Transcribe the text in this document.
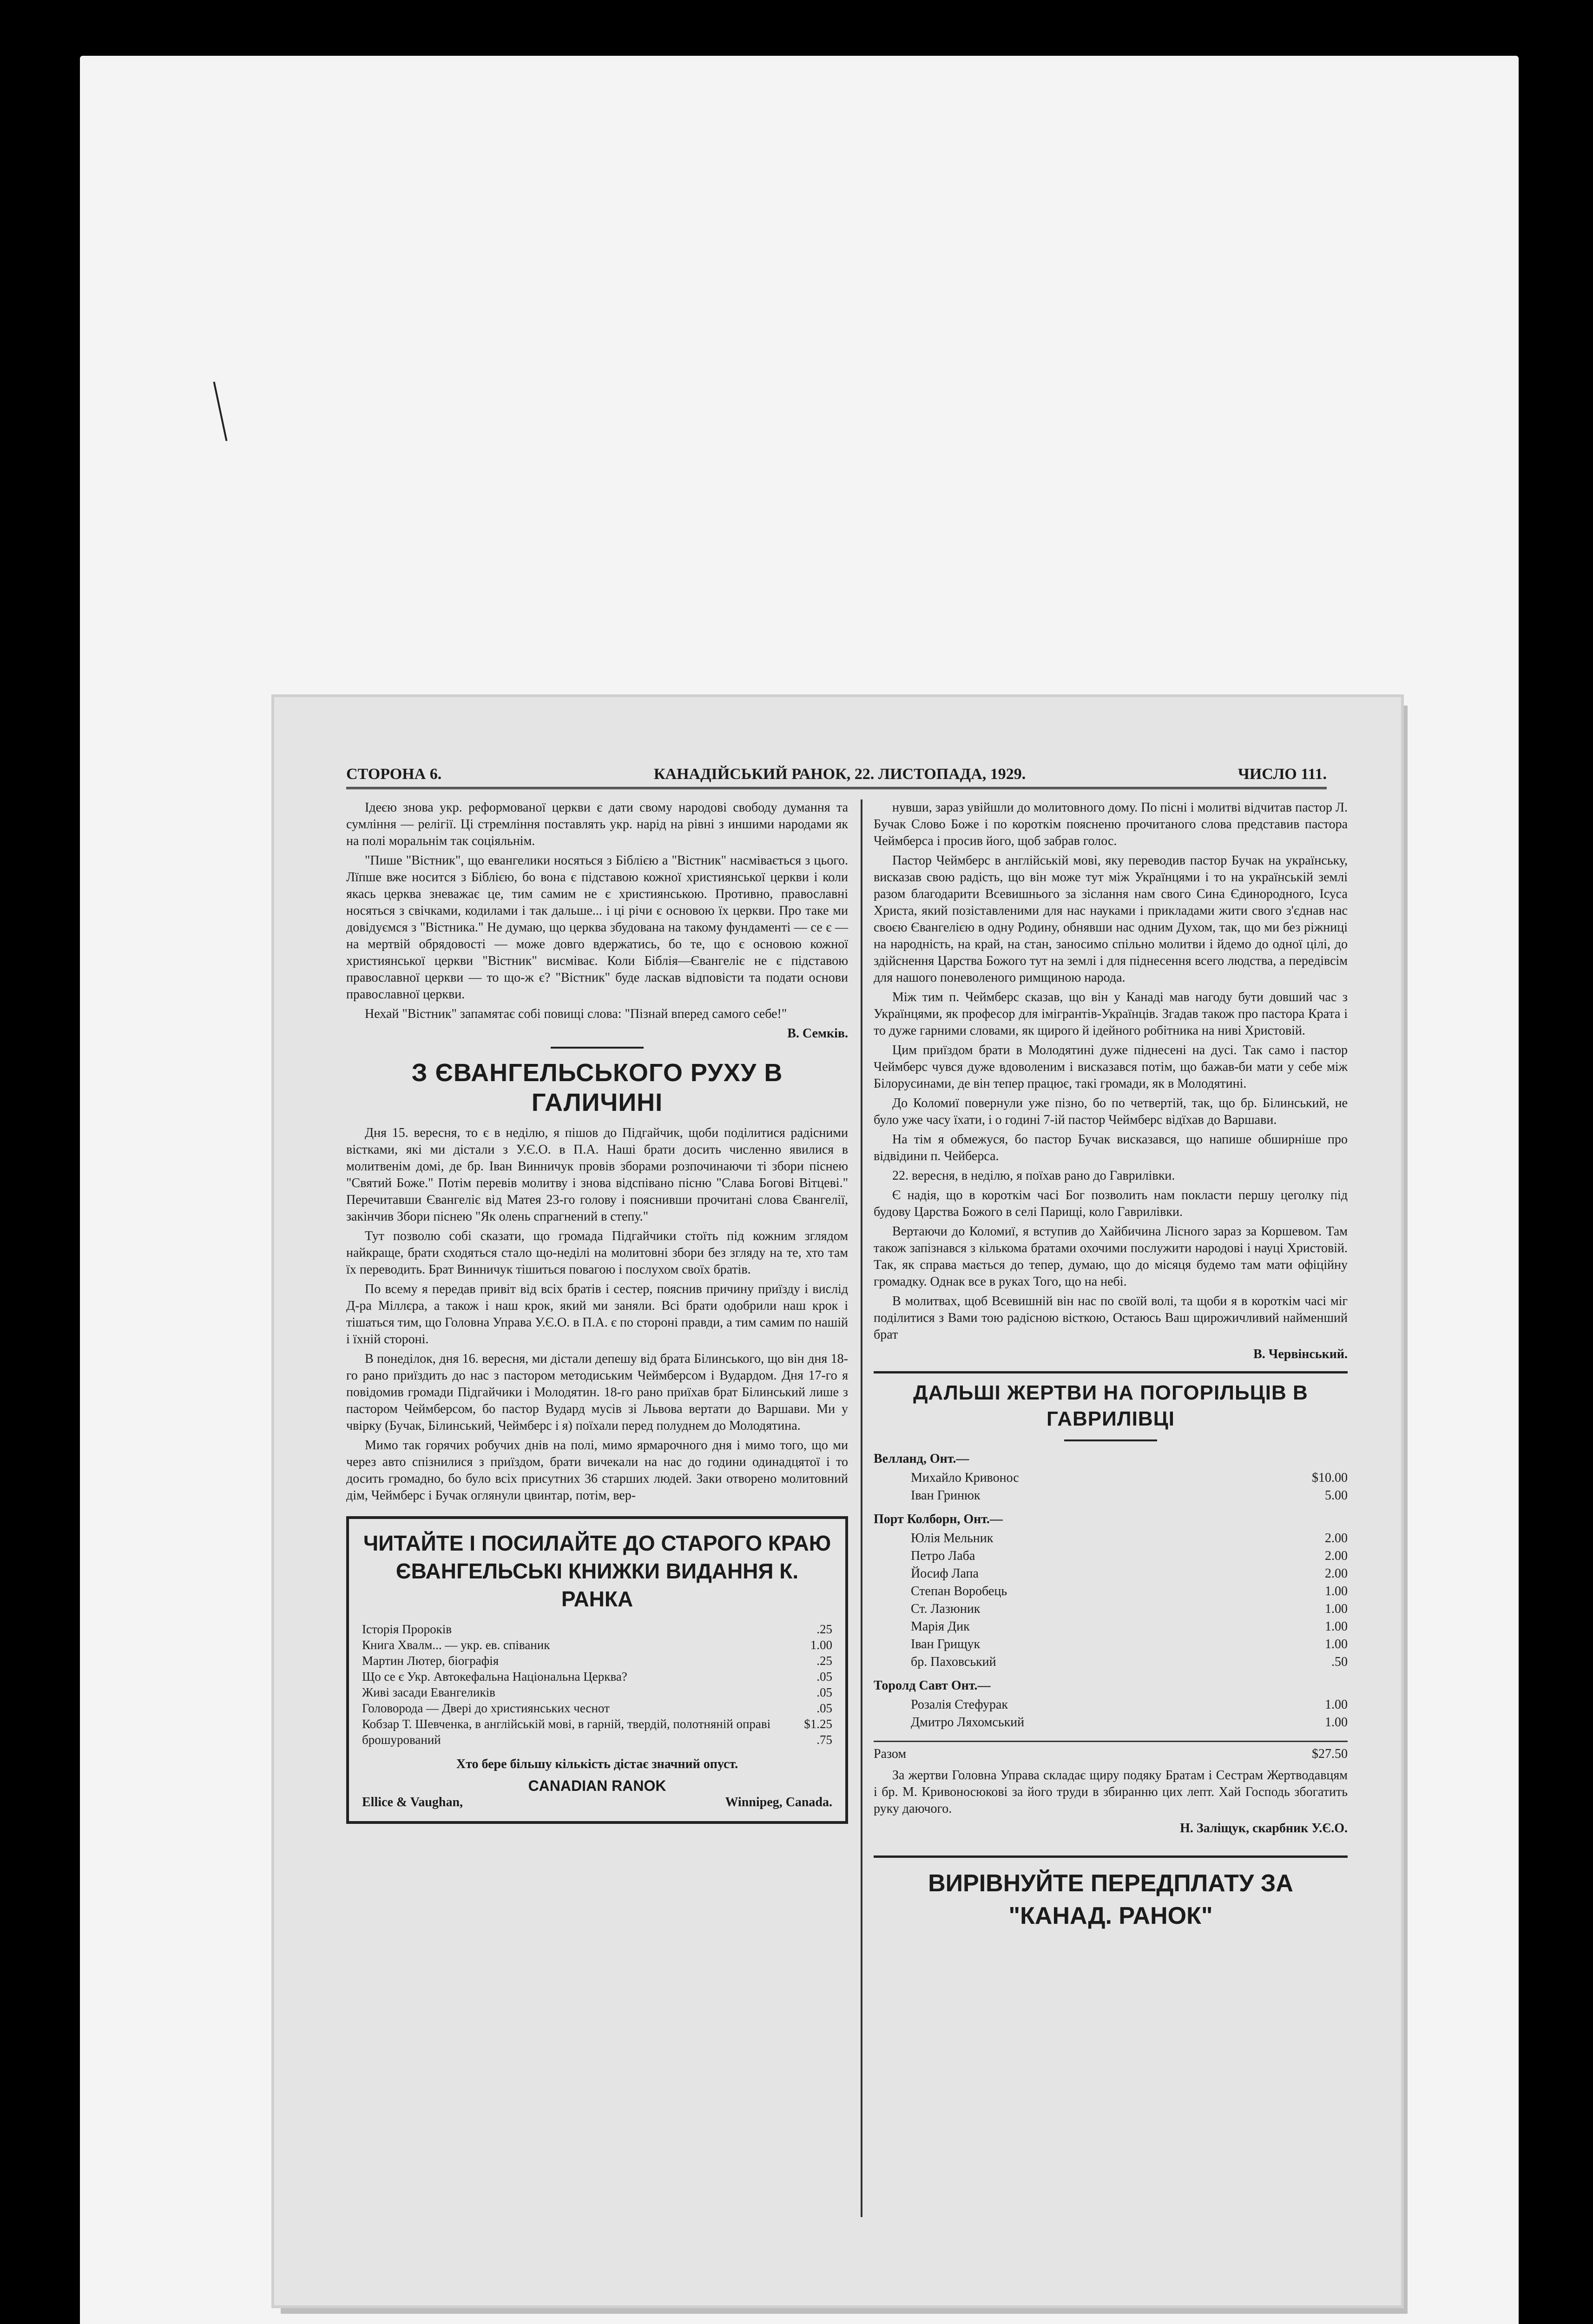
СТОРОНА 6.	КАНАДІЙСЬКИЙ РАНОК, 22. ЛИСТОПАДА, 1929.	ЧИСЛО 111.

Ідеєю знова укр. реформованої церкви є дати свому народові свободу думання та сумління — релігії. Ці стремління поставлять укр. нарід на рівні з иншими народами як на полі моральнім так соціяльнім.

"Пише "Вістник", що евангелики носяться з Біблією а "Вістник" насмівається з цього. Лїпше вже носится з Біблією, бо вона є підставою кожної християнської церкви і коли якась церква зневажає це, тим самим не є християнською. Противно, православні носяться з свічками, кодилами і так дальше... і ці річи є основою їх церкви. Про таке ми довідуємся з "Вістника." Не думаю, що церква збудована на такому фундаменті — се є — на мертвій обрядовості — може довго вдержатись, бо те, що є основою кожної християнської церкви "Вістник" висміває. Коли Біблія—Євангеліє не є підставою православної церкви — то що-ж є? "Вістник" буде ласкав відповісти та подати основи православної церкви.

Нехай "Вістник" запамятає собі повищі слова: "Пізнай вперед самого себе!"

В. Семків.
З ЄВАНГЕЛЬСЬКОГО РУХУ В ГАЛИЧИНІ

Дня 15. вересня, то є в неділю, я пішов до Підгайчик, щоби поділитися радісними вістками, які ми дістали з У.Є.О. в П.А. Наші брати досить численно явилися в молитвенім домі, де бр. Іван Винничук провів зборами розпочинаючи ті збори піснею "Святий Боже." Потім перевів молитву і знова відспівано пісню "Слава Богові Вітцеві." Перечитавши Євангеліє від Матея 23-го голову і пояснивши прочитані слова Євангелії, закінчив Збори піснею "Як олень спрагнений в степу."

Тут позволю собі сказати, що громада Підгайчики стоїть під кожним зглядом найкраще, брати сходяться стало що-неділі на молитовні збори без згляду на те, хто там їх переводить. Брат Винничук тішиться повагою і послухом своїх братів.

По всему я передав привіт від всіх братів і сестер, пояснив причину приїзду і вислід Д-ра Міллєра, а також і наш крок, який ми заняли. Всі брати одобрили наш крок і тішаться тим, що Головна Управа У.Є.О. в П.А. є по стороні правди, а тим самим по нашій і їхній стороні.

В понеділок, дня 16. вересня, ми дістали депешу від брата Білинського, що він дня 18-го рано приїздить до нас з пастором методиським Чеймберсом і Вудардом. Дня 17-го я повідомив громади Підгайчики і Молодятин. 18-го рано приїхав брат Білинський лише з пастором Чеймберсом, бо пастор Вудард мусів зі Львова вертати до Варшави. Ми у чвірку (Бучак, Білинський, Чеймберс і я) поїхали перед полуднем до Молодятина.

Мимо так горячих робучих днів на полі, мимо ярмарочного дня і мимо того, що ми через авто спізнилися з приїздом, брати вичекали на нас до години одинадцятої і то досить громадно, бо було всіх присутних 36 старших людей. Заки отворено молитовний дім, Чеймберс і Бучак оглянули цвинтар, потім, вер-

ЧИТАЙТЕ І ПОСИЛАЙТЕ ДО СТАРОГО КРАЮ ЄВАНГЕЛЬСЬКІ КНИЖКИ ВИДАННЯ К. РАНКА
Історія Пророків	.25
Книга Хвалм... — укр. ев. співаник	1.00
Мартин Лютер, біографія	.25
Що се є Укр. Автокефальна Національна Церква?	.05
Живі засади Евангеликів	.05
Головорода — Двері до християнських чеснот	.05
Кобзар Т. Шевченка, в англійській мові, в гарній, твердій, полотняній оправі	$1.25
брошурований	.75
Хто бере більшу кількість дістає значний опуст.
CANADIAN RANOK
Ellice & Vaughan,	Winnipeg, Canada.

нувши, зараз увійшли до молитовного дому. По пісні і молитві відчитав пастор Л. Бучак Слово Боже і по короткім поясненю прочитаного слова представив пастора Чеймберса і просив його, щоб забрав голос.

Пастор Чеймберс в англійській мові, яку переводив пастор Бучак на українську, висказав свою радість, що він може тут між Українцями і то на українській землі разом благодарити Всевишнього за зіслання нам свого Сина Єдинородного, Ісуса Христа, який позіставленими для нас науками і прикладами жити свого з'єднав нас своєю Євангелією в одну Родину, обнявши нас одним Духом, так, що ми без ріжниці на народність, на край, на стан, заносимо спільно молитви і йдемо до одної цілі, до здійснення Царства Божого тут на землі і для піднесення всего людства, а передівсім для нашого поневоленого римщиною народа.

Між тим п. Чеймберс сказав, що він у Канаді мав нагоду бути довший час з Українцями, як професор для імігрантів-Українців. Згадав також про пастора Крата і то дуже гарними словами, як щирого й ідейного робітника на ниві Христовій.

Цим приїздом брати в Молодятині дуже піднесені на дусі. Так само і пастор Чеймберс чувся дуже вдоволеним і висказався потім, що бажав-би мати у себе між Білорусинами, де він тепер працює, такі громади, як в Молодятині.

До Коломиї повернули уже пізно, бо по четвертій, так, що бр. Білинський, не було уже часу їхати, і о годині 7-ій пастор Чеймберс відїхав до Варшави.

На тім я обмежуся, бо пастор Бучак висказався, що напише обширніше про відвідини п. Чейберса.

22. вересня, в неділю, я поїхав рано до Гаврилівки.

Є надія, що в короткім часі Бог позволить нам покласти першу цеголку під будову Царства Божого в селі Парищі, коло Гаврилівки.

Вертаючи до Коломиї, я вступив до Хайбичина Лісного заpаз за Коршевом. Там також запізнався з кількома братами охочими послужити народові і науці Христовій. Так, як справа мається до тепер, думаю, що до місяця будемо там мати офіційну громадку. Однак все в руках Того, що на небі.

В молитвах, щоб Всевишній він нас по своїй волі, та щоби я в короткім часі міг поділитися з Вами тою радісною вісткою, Остаюсь Ваш щирожичливий найменший брат

В. Червінський.
ДАЛЬШІ ЖЕРТВИ НА ПОГОРІЛЬЦІВ В ГАВРИЛІВЦІ
Велланд, Онт.—
Михайло Кривонос	$10.00
Іван Гринюк	5.00
Порт Колборн, Онт.—
Юлія Мельник	2.00
Петро Лаба	2.00
Йосиф Лапа	2.00
Степан Воробець	1.00
Ст. Лазюник	1.00
Марія Дик	1.00
Іван Грищук	1.00
бр. Паховський	.50
Торолд Савт Онт.—
Розалія Стефурак	1.00
Дмитро Ляхомський	1.00
Разом	$27.50

За жертви Головна Управа складає щиру подяку Братам і Сестрам Жертводавцям і бр. М. Кривоносюкові за його труди в збиранню цих лепт. Хай Господь збогатить руку даючого.

Н. Заліщук, скарбник У.Є.О.
ВИРІВНУЙТЕ ПЕРЕДПЛАТУ ЗА "КАНАД. РАНОК"
